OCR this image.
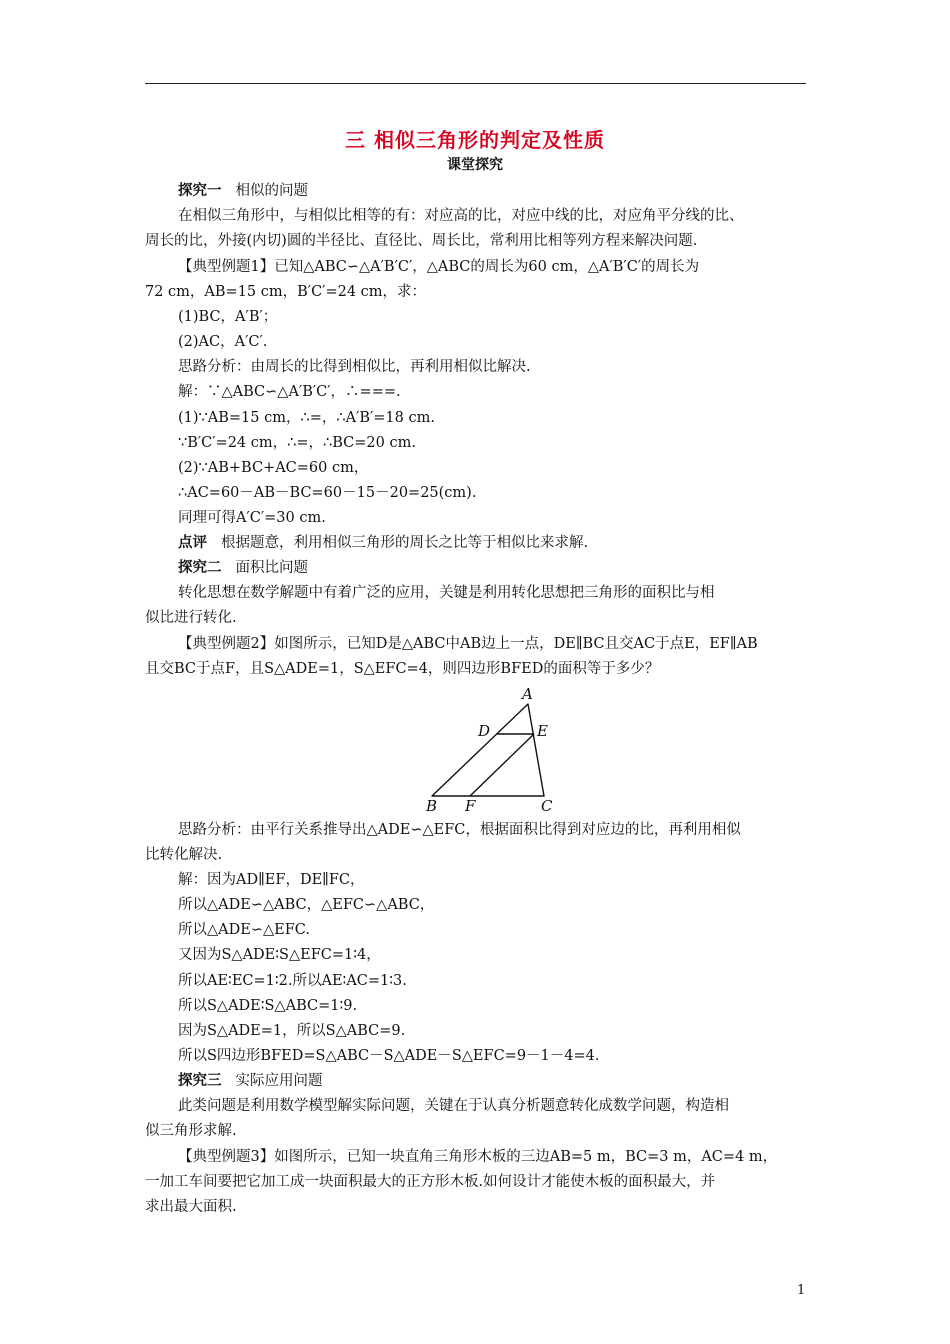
三 相似三角形的判定及性质
课堂探究
探究一 相似的问题
在相似三角形中，与相似比相等的有：对应高的比，对应中线的比，对应角平分线的比、
周长的比，外接(内切)圆的半径比、直径比、周长比，常利用比相等列方程来解决问题.
【典型例题1】已知△ABC∽△A′B′C′，△ABC的周长为60 cm，△A′B′C′的周长为
72 cm，AB=15 cm，B′C′=24 cm，求：
(1)BC，A′B′；
(2)AC，A′C′.
思路分析：由周长的比得到相似比，再利用相似比解决.
解：∵△ABC∽△A′B′C′，∴===.
(1)∵AB=15 cm，∴=，∴A′B′=18 cm.
∵B′C′=24 cm，∴=，∴BC=20 cm.
(2)∵AB+BC+AC=60 cm，
∴AC=60－AB－BC=60－15－20=25(cm).
同理可得A′C′=30 cm.
点评 根据题意，利用相似三角形的周长之比等于相似比来求解.
探究二 面积比问题
转化思想在数学解题中有着广泛的应用，关键是利用转化思想把三角形的面积比与相
似比进行转化.
【典型例题2】如图所示，已知D是△ABC中AB边上一点，DE∥BC且交AC于点E，EF∥AB
且交BC于点F，且S△ADE=1，S△EFC=4，则四边形BFED的面积等于多少？
A
D	E
B F	C
思路分析：由平行关系推导出△ADE∽△EFC，根据面积比得到对应边的比，再利用相似
比转化解决.
解：因为AD∥EF，DE∥FC，
所以△ADE∽△ABC，△EFC∽△ABC，
所以△ADE∽△EFC.
又因为S△ADE∶S△EFC=1∶4，
所以AE∶EC=1∶2.所以AE∶AC=1∶3.
所以S△ADE∶S△ABC=1∶9.
因为S△ADE=1，所以S△ABC=9.
所以S四边形BFED=S△ABC－S△ADE－S△EFC=9－1－4=4.
探究三 实际应用问题
此类问题是利用数学模型解实际问题，关键在于认真分析题意转化成数学问题，构造相
似三角形求解.
【典型例题3】如图所示，已知一块直角三角形木板的三边AB=5 m，BC=3 m，AC=4 m，
一加工车间要把它加工成一块面积最大的正方形木板.如何设计才能使木板的面积最大，并
求出最大面积.
1
